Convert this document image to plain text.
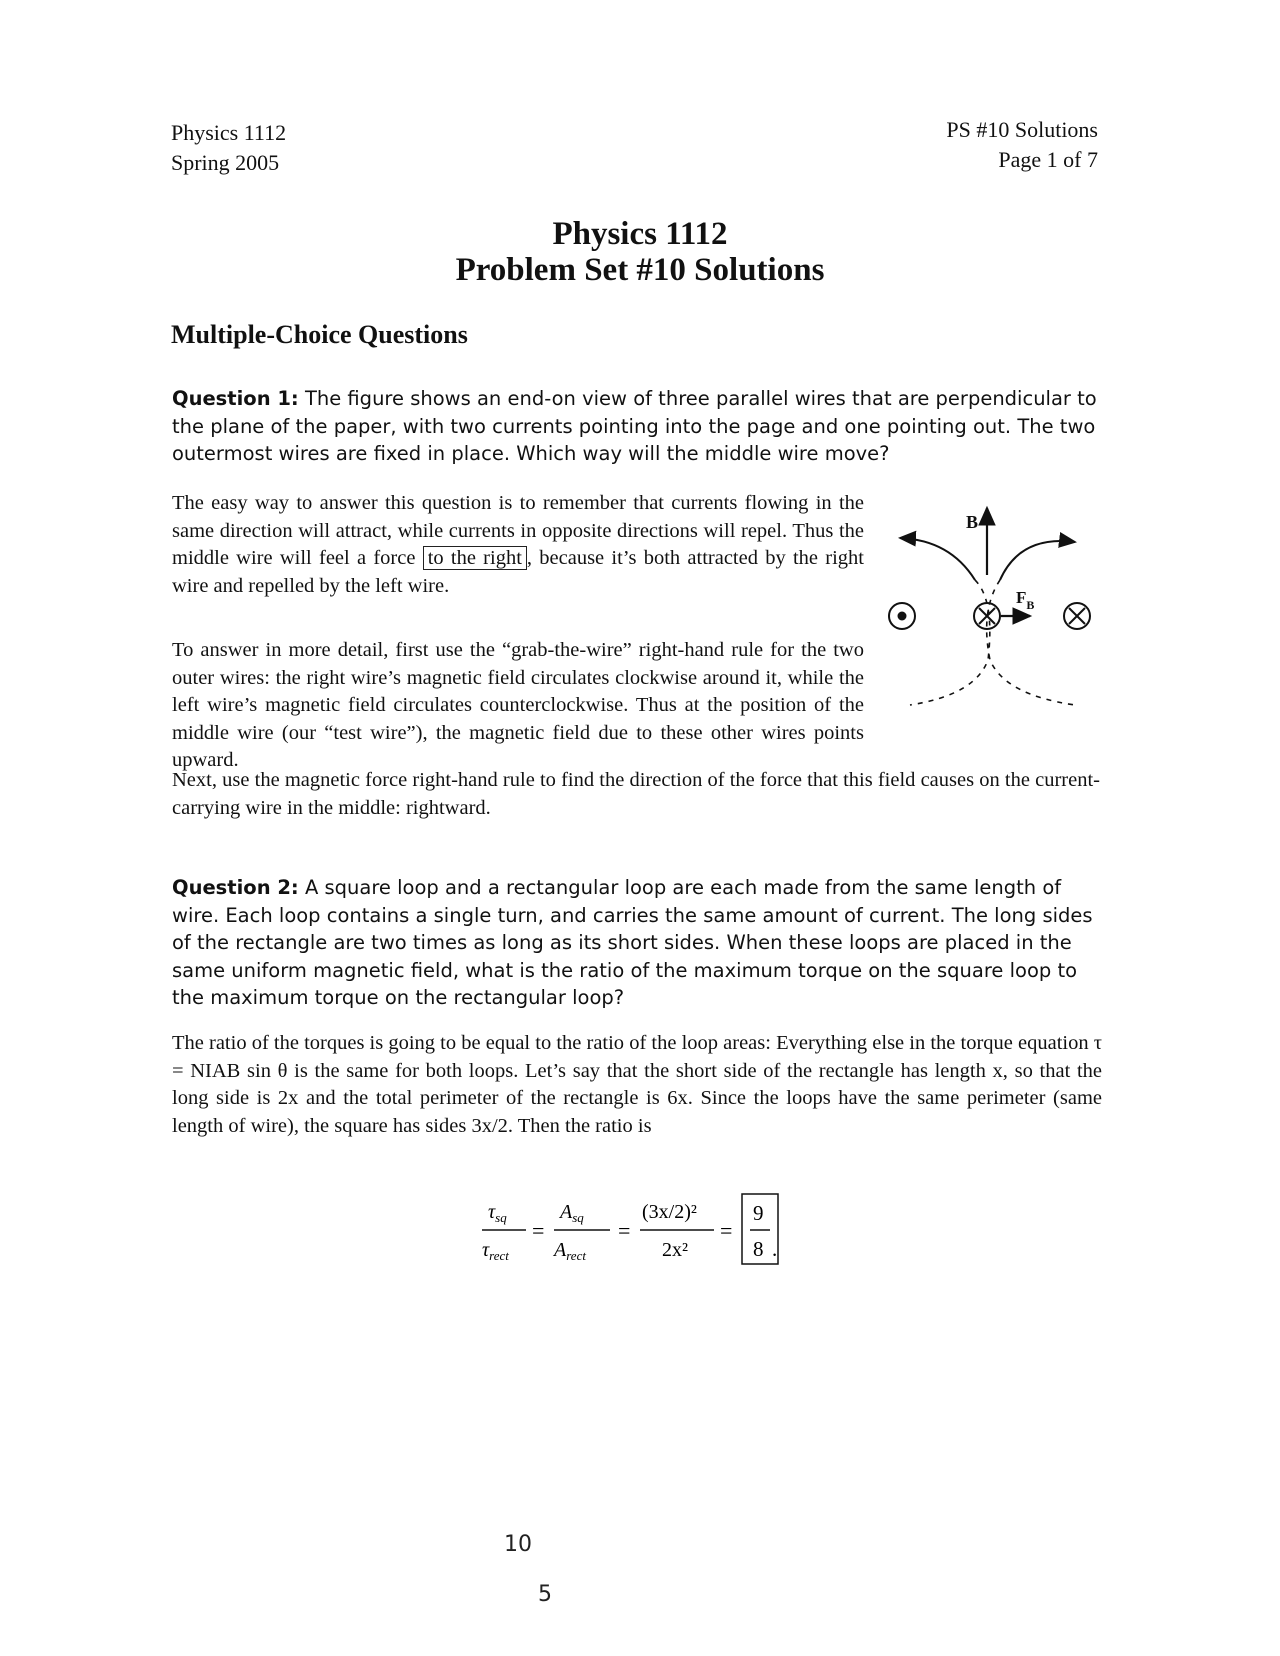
Physics 1112
Spring 2005
PS #10 Solutions
Page 1 of 7
Physics 1112
Problem Set #10 Solutions
Multiple-Choice Questions
Question 1: The figure shows an end-on view of three parallel wires that are perpendicular to the plane of the paper, with two currents pointing into the page and one pointing out. The two outermost wires are fixed in place. Which way will the middle wire move?
The easy way to answer this question is to remember that currents flowing in the same direction will attract, while currents in opposite directions will repel. Thus the middle wire will feel a force to the right , because it’s both attracted by the right wire and repelled by the left wire.
To answer in more detail, first use the “grab-the-wire” right-hand rule for the two outer wires: the right wire’s magnetic field circulates clockwise around it, while the left wire’s magnetic field circulates counterclockwise. Thus at the position of the middle wire (our “test wire”), the magnetic field due to these other wires points upward.
Next, use the magnetic force right-hand rule to find the direction of the force that this field causes on the current-carrying wire in the middle: rightward.
B
$F_B$
Question 2: A square loop and a rectangular loop are each made from the same length of wire. Each loop contains a single turn, and carries the same amount of current. The long sides of the rectangle are two times as long as its short sides. When these loops are placed in the same uniform magnetic field, what is the ratio of the maximum torque on the square loop to the maximum torque on the rectangular loop?
The ratio of the torques is going to be equal to the ratio of the loop areas: Everything else in the torque equation τ = NIAB sin θ is the same for both loops. Let’s say that the short side of the rectangle has length x, so that the long side is 2x and the total perimeter of the rectangle is 6x. Since the loops have the same perimeter (same length of wire), the square has sides 3x/2. Then the ratio is
$\tau_{sq}$
$\tau_{rect}$
=
$A_{sq}$
$A_{rect}$
=
(3x/2)²
2x²
=
9
8 .
10
5
